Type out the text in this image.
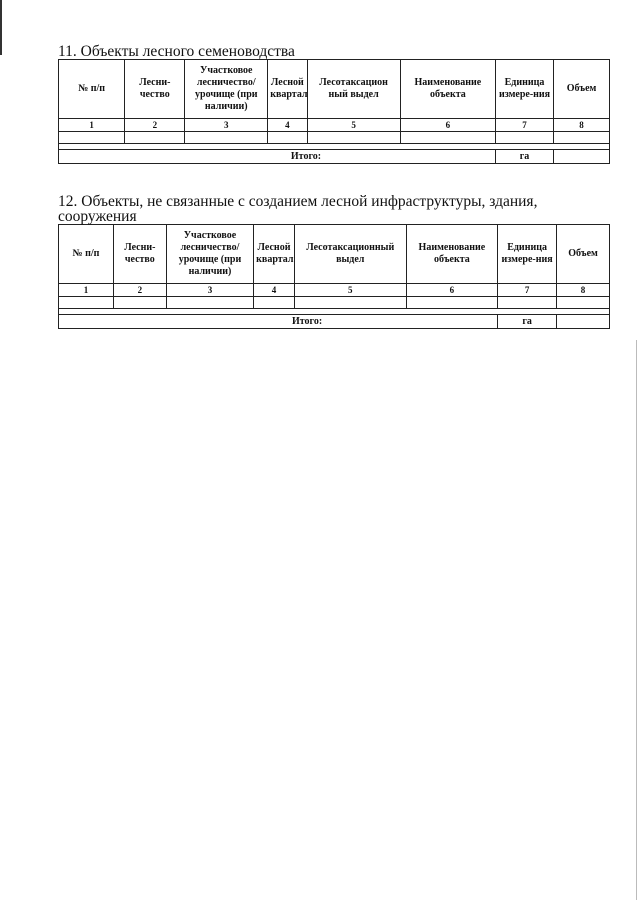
11. Объекты лесного семеноводства

№ п/п	Лесни-чество	Участковое лесничество/ урочище (при наличии)	Лесной квартал	Лесотаксацион ный выдел	Наименование объекта	Единица измере-ния	Объем
1	2	3	4	5	6	7	8

Итого:						га	

12. Объекты, не связанные с созданием лесной инфраструктуры, здания, сооружения

№ п/п	Лесни-чество	Участковое лесничество/ урочище (при наличии)	Лесной квартал	Лесотаксационный выдел	Наименование объекта	Единица измере-ния	Объем
1	2	3	4	5	6	7	8

Итого:						га	
